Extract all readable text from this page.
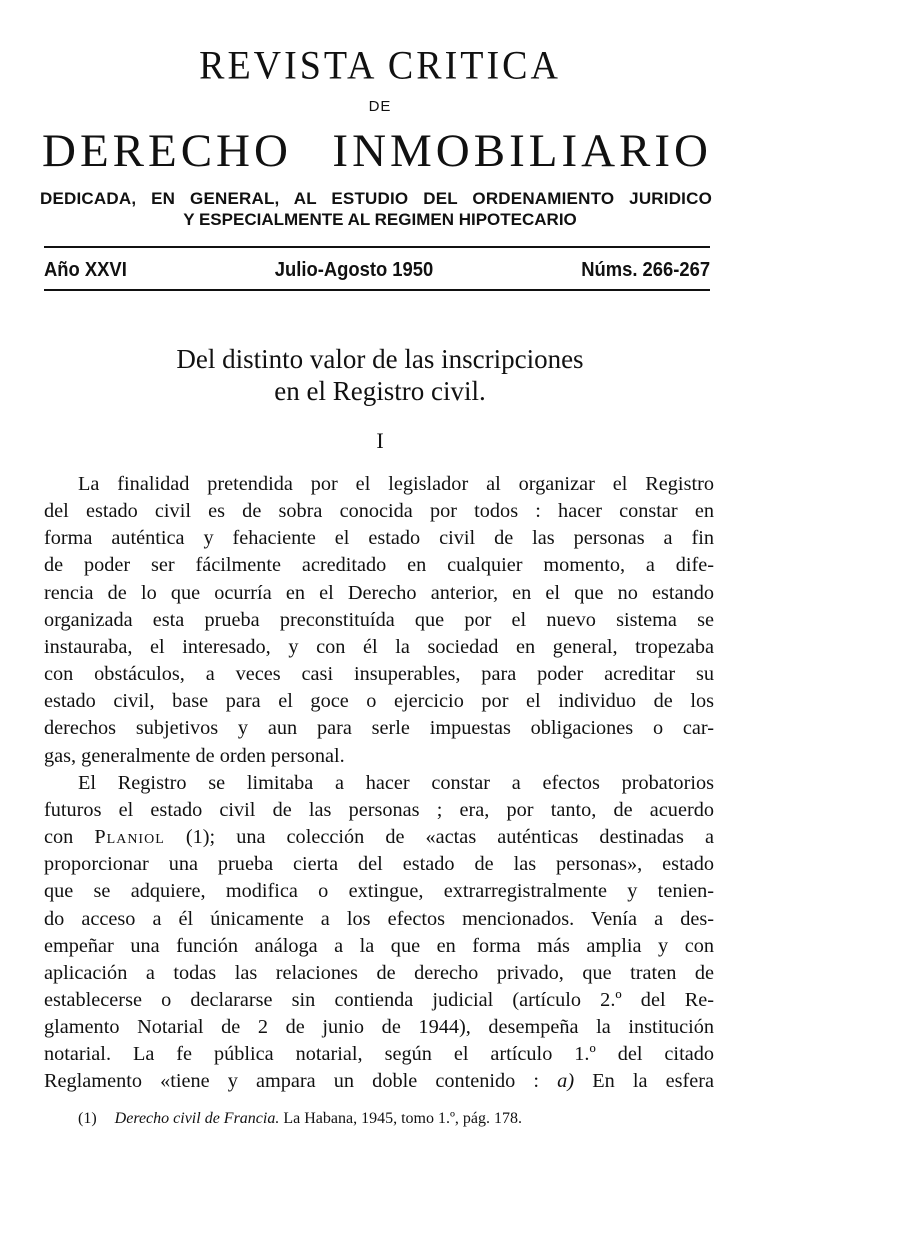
REVISTA CRITICA
DE
DERECHO INMOBILIARIO
DEDICADA, EN GENERAL, AL ESTUDIO DEL ORDENAMIENTO JURIDICO
Y ESPECIALMENTE AL REGIMEN HIPOTECARIO
Año XXVI	Julio-Agosto 1950	Núms. 266-267
Del distinto valor de las inscripciones
en el Registro civil.
I
La finalidad pretendida por el legislador al organizar el Registro
del estado civil es de sobra conocida por todos : hacer constar en
forma auténtica y fehaciente el estado civil de las personas a fin
de poder ser fácilmente acreditado en cualquier momento, a dife-
rencia de lo que ocurría en el Derecho anterior, en el que no estando
organizada esta prueba preconstituída que por el nuevo sistema se
instauraba, el interesado, y con él la sociedad en general, tropezaba
con obstáculos, a veces casi insuperables, para poder acreditar su
estado civil, base para el goce o ejercicio por el individuo de los
derechos subjetivos y aun para serle impuestas obligaciones o car-
gas, generalmente de orden personal.
El Registro se limitaba a hacer constar a efectos probatorios
futuros el estado civil de las personas ; era, por tanto, de acuerdo
con Planiol (1); una colección de «actas auténticas destinadas a
proporcionar una prueba cierta del estado de las personas», estado
que se adquiere, modifica o extingue, extrarregistralmente y tenien-
do acceso a él únicamente a los efectos mencionados. Venía a des-
empeñar una función análoga a la que en forma más amplia y con
aplicación a todas las relaciones de derecho privado, que traten de
establecerse o declararse sin contienda judicial (artículo 2.º del Re-
glamento Notarial de 2 de junio de 1944), desempeña la institución
notarial. La fe pública notarial, según el artículo 1.º del citado
Reglamento «tiene y ampara un doble contenido : a) En la esfera
(1) Derecho civil de Francia. La Habana, 1945, tomo 1.º, pág. 178.
